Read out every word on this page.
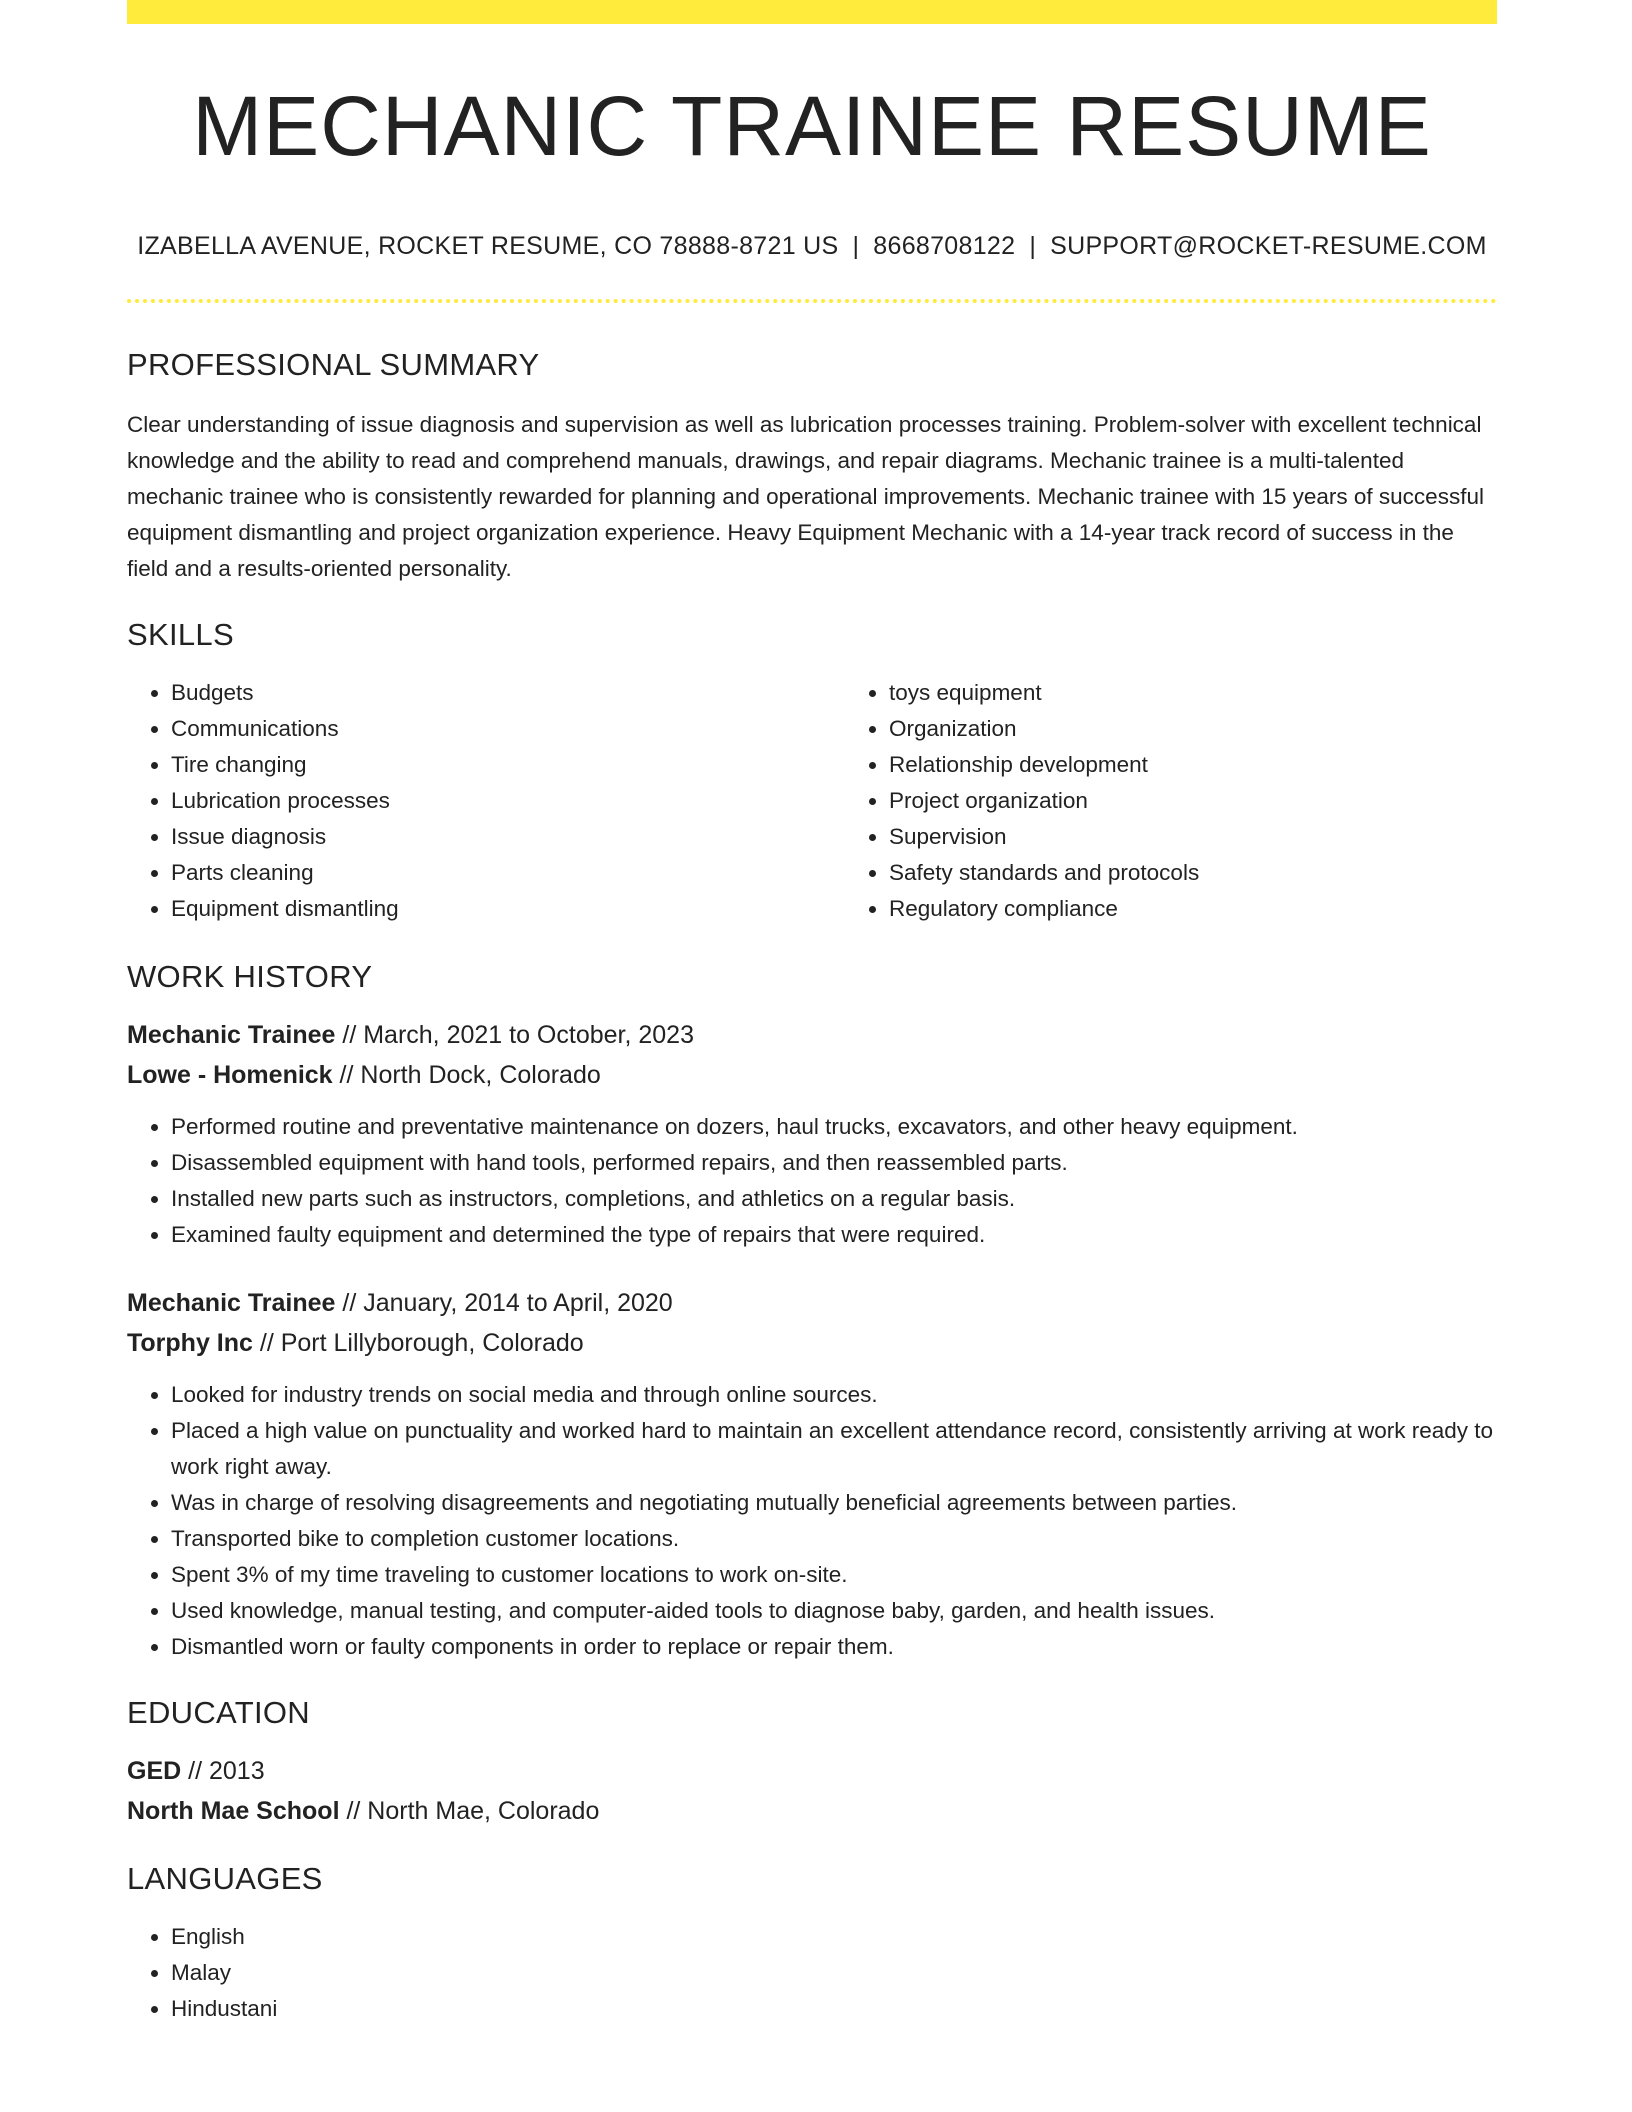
MECHANIC TRAINEE RESUME
IZABELLA AVENUE, ROCKET RESUME, CO 78888-8721 US | 8668708122 | SUPPORT@ROCKET-RESUME.COM
PROFESSIONAL SUMMARY

Clear understanding of issue diagnosis and supervision as well as lubrication processes training. Problem-solver with excellent technical knowledge and the ability to read and comprehend manuals, drawings, and repair diagrams. Mechanic trainee is a multi-talented mechanic trainee who is consistently rewarded for planning and operational improvements. Mechanic trainee with 15 years of successful equipment dismantling and project organization experience. Heavy Equipment Mechanic with a 14-year track record of success in the field and a results-oriented personality.

SKILLS
• Budgets
• Communications
• Tire changing
• Lubrication processes
• Issue diagnosis
• Parts cleaning
• Equipment dismantling
• toys equipment
• Organization
• Relationship development
• Project organization
• Supervision
• Safety standards and protocols
• Regulatory compliance
WORK HISTORY
Mechanic Trainee // March, 2021 to October, 2023
Lowe - Homenick // North Dock, Colorado
• Performed routine and preventative maintenance on dozers, haul trucks, excavators, and other heavy equipment.
• Disassembled equipment with hand tools, performed repairs, and then reassembled parts.
• Installed new parts such as instructors, completions, and athletics on a regular basis.
• Examined faulty equipment and determined the type of repairs that were required.
Mechanic Trainee // January, 2014 to April, 2020
Torphy Inc // Port Lillyborough, Colorado
• Looked for industry trends on social media and through online sources.
• Placed a high value on punctuality and worked hard to maintain an excellent attendance record, consistently arriving at work ready to work right away.
• Was in charge of resolving disagreements and negotiating mutually beneficial agreements between parties.
• Transported bike to completion customer locations.
• Spent 3% of my time traveling to customer locations to work on-site.
• Used knowledge, manual testing, and computer-aided tools to diagnose baby, garden, and health issues.
• Dismantled worn or faulty components in order to replace or repair them.
EDUCATION
GED // 2013
North Mae School // North Mae, Colorado
LANGUAGES
• English
• Malay
• Hindustani
